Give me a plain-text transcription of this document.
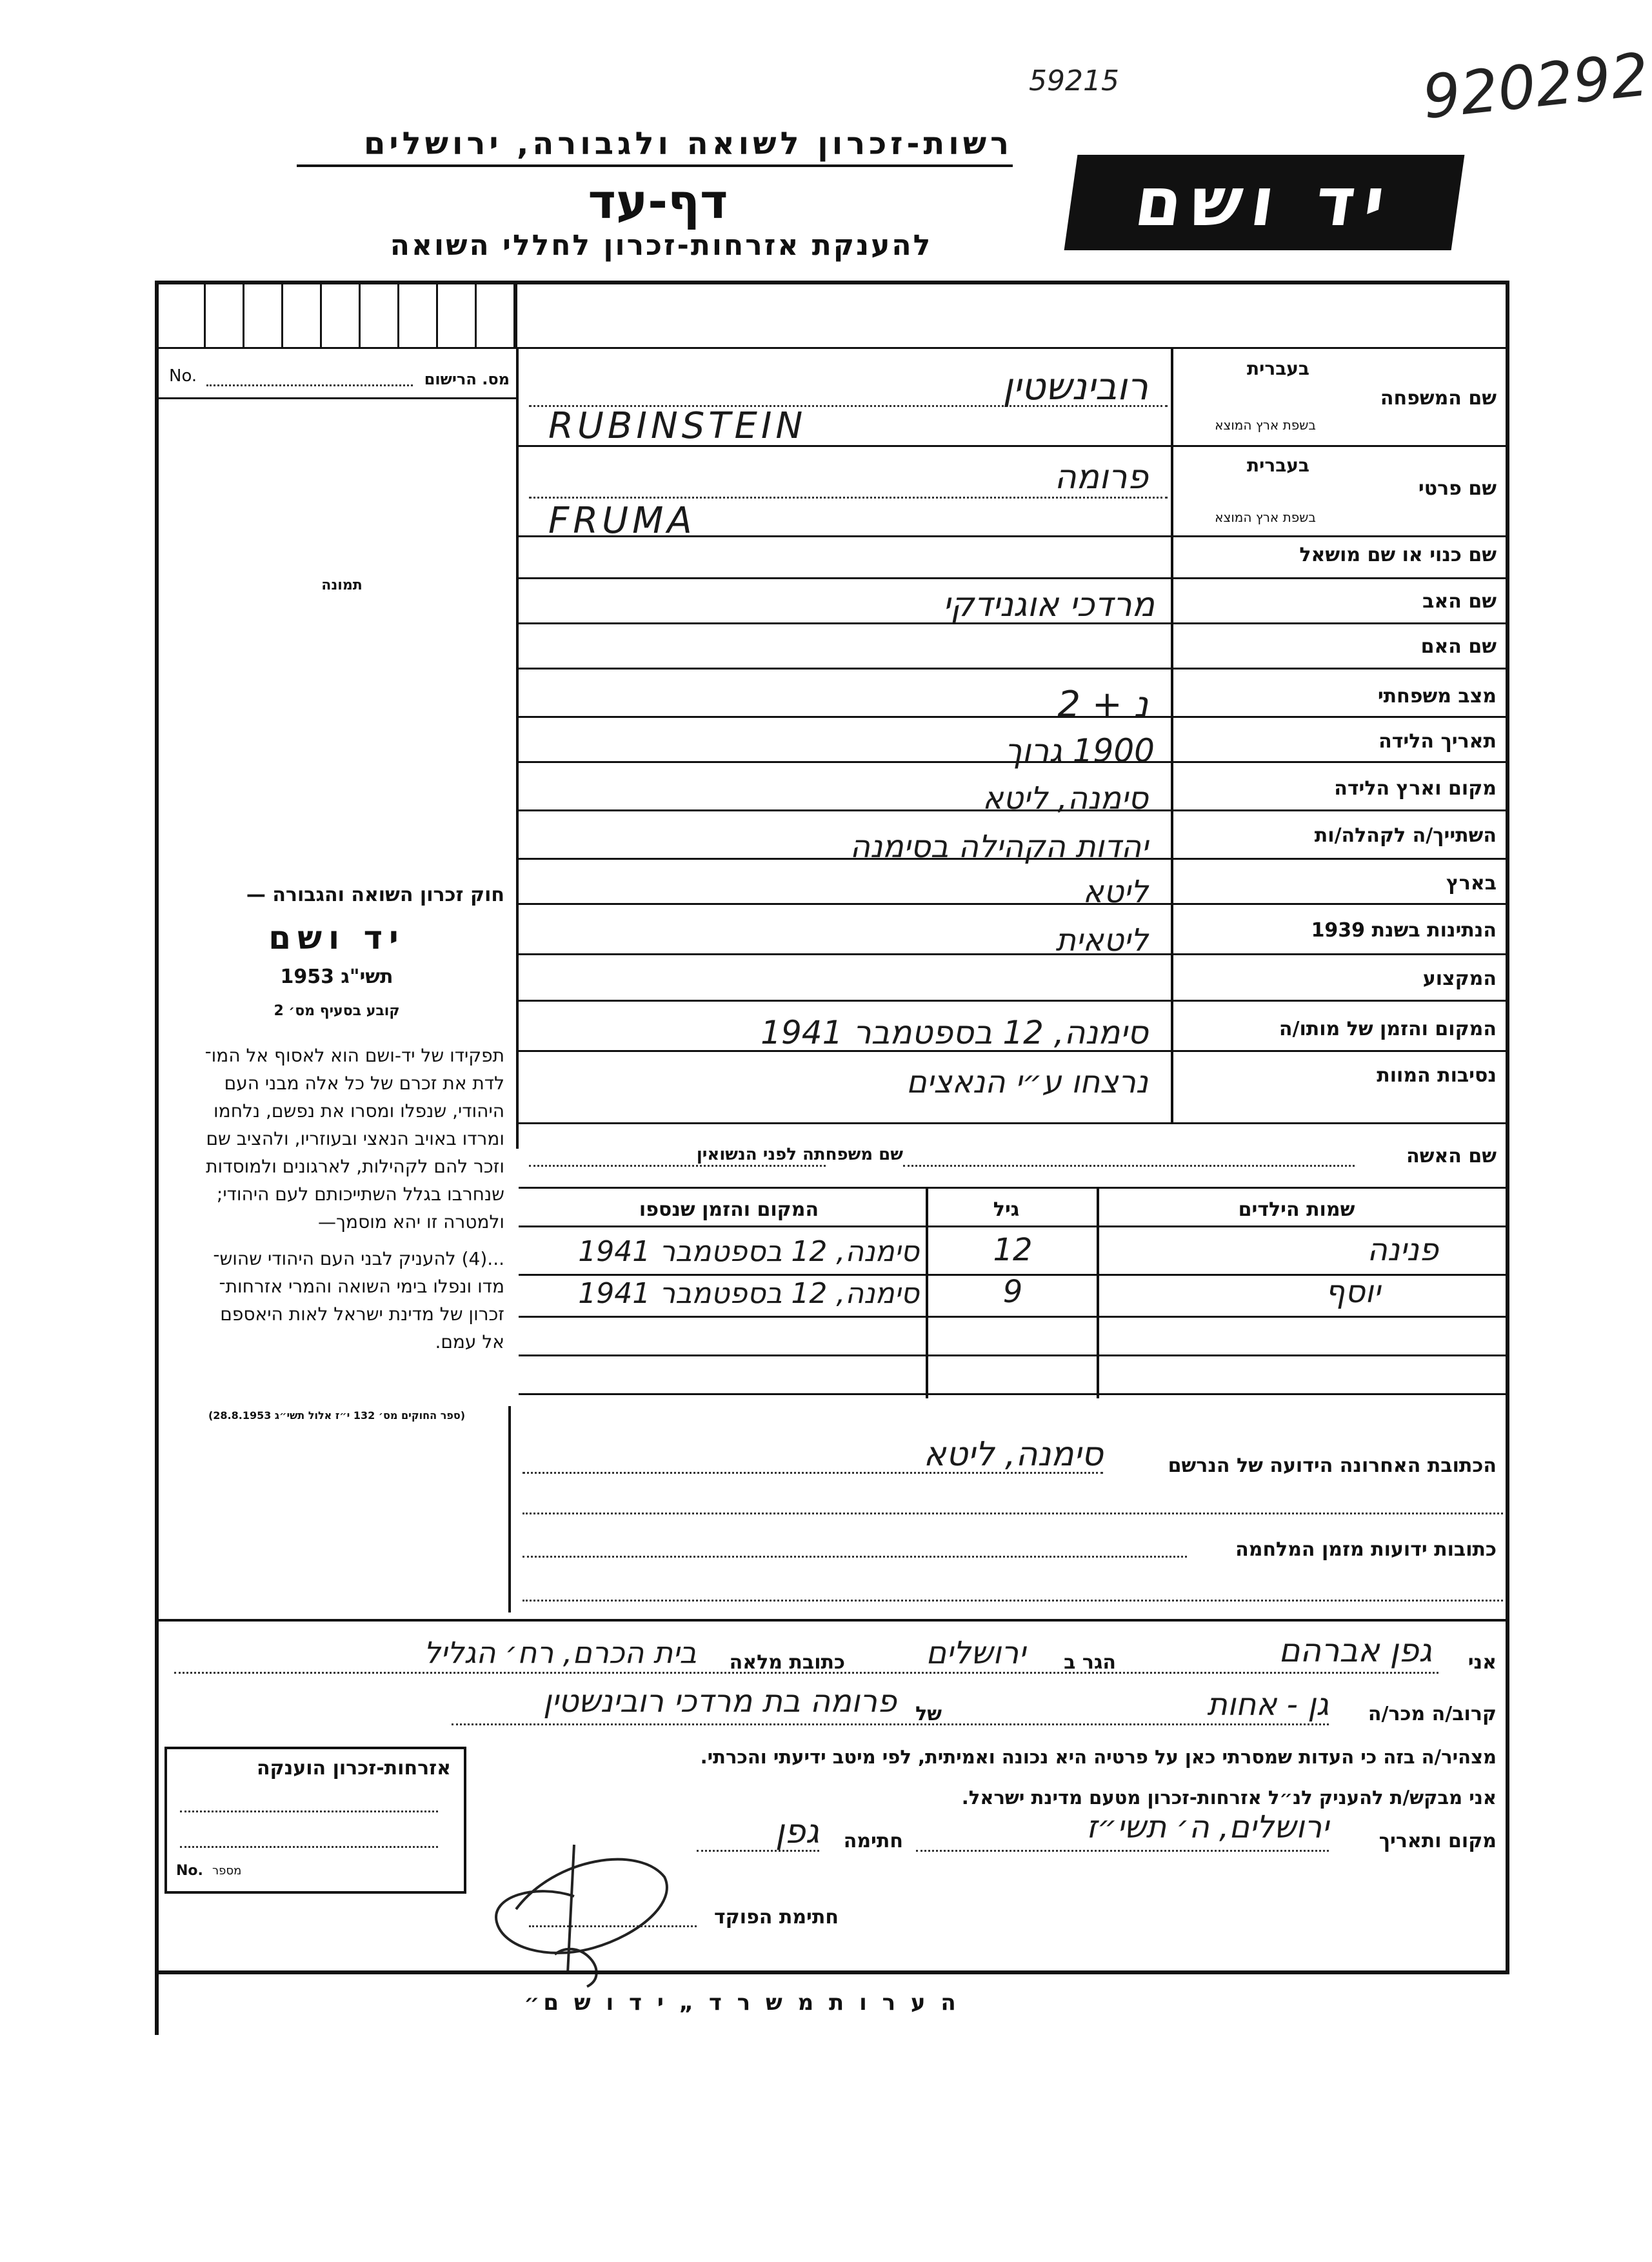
59215	920292
רשות-זכרון לשואה ולגבורה, ירושלים
דף-עד
להענקת אזרחות-זכרון לחללי השואה
יד ושם
No.	מס. הרישום
תמונה
חוק זכרון השואה והגבורה —
יד ושם
תשי"ג 1953
קובע בסעיף מס׳ 2
תפקידו של יד-ושם הוא לאסוף אל המו־
לדת את זכרם של כל אלה מבני העם
היהודי, שנפלו ומסרו את נפשם, נלחמו
ומרדו באויב הנאצי ובעוזריו, ולהציב שם
וזכר להם לקהילות, לארגונים ולמוסדות
שנחרבו בגלל השתייכותם לעם היהודי;
ולמטרה זו יהא מוסמך—
...(4) להעניק לבני העם היהודי שהוש־
מדו ונפלו בימי השואה והמרי אזרחות־
זכרון של מדינת ישראל לאות היאספם
אל עמם.
(ספר החוקים מס׳ 132 י״ז אלול תשי״ג 28.8.1953)
שם המשפחה
בעברית
בשפת ארץ המוצא
שם פרטי
בעברית
בשפת ארץ המוצא
שם כנוי או שם מושאל
שם האב
שם האם
מצב משפחתי
תאריך הלידה
מקום וארץ הלידה
השתייך/ה לקהלה/ות
בארץ
הנתינות בשנת 1939
המקצוע
המקום והזמן של מותו/ה
נסיבות המוות
רובינשטין
RUBINSTEIN
פרומה
FRUMA
מרדכי אוגנידקי
נ + 2
1900 גרוך
סימנה, ליטא
יהדות הקהילה בסימנה
ליטא
ליטאית
סימנה, 12 בספטמבר 1941
נרצחו ע״י הנאצים
שם האשה
שם משפחתה לפני הנשואין
שמות הילדים
גיל
המקום והזמן שנספו
פנינה
12
סימנה, 12 בספטמבר 1941
יוסף
9
סימנה, 12 בספטמבר 1941
הכתובת האחרונה הידועה של הנרשם
סימנה, ליטא
כתובות ידועות מזמן המלחמה
אני
גפן אברהם
הגר ב
ירושלים
כתובת מלאה
בית הכרם, רח׳ הגליל
קרוב/ה מכר/ה
גן - אחות
של
פרומה בת מרדכי רובינשטין
מצהיר/ה בזה כי העדות שמסרתי כאן על פרטיה היא נכונה ואמיתית, לפי מיטב ידיעתי והכרתי.
אני מבקש/ת להעניק לנ״ל אזרחות-זכרון מטעם מדינת ישראל.
מקום ותאריך
ירושלים, ה׳ תשי״ז
חתימה
גפן
חתימת הפוקד
אזרחות-זכרון הוענקה
No. מספר
ה ע ר ו ת מ ש ר ד „ י ד ו ש ם״
